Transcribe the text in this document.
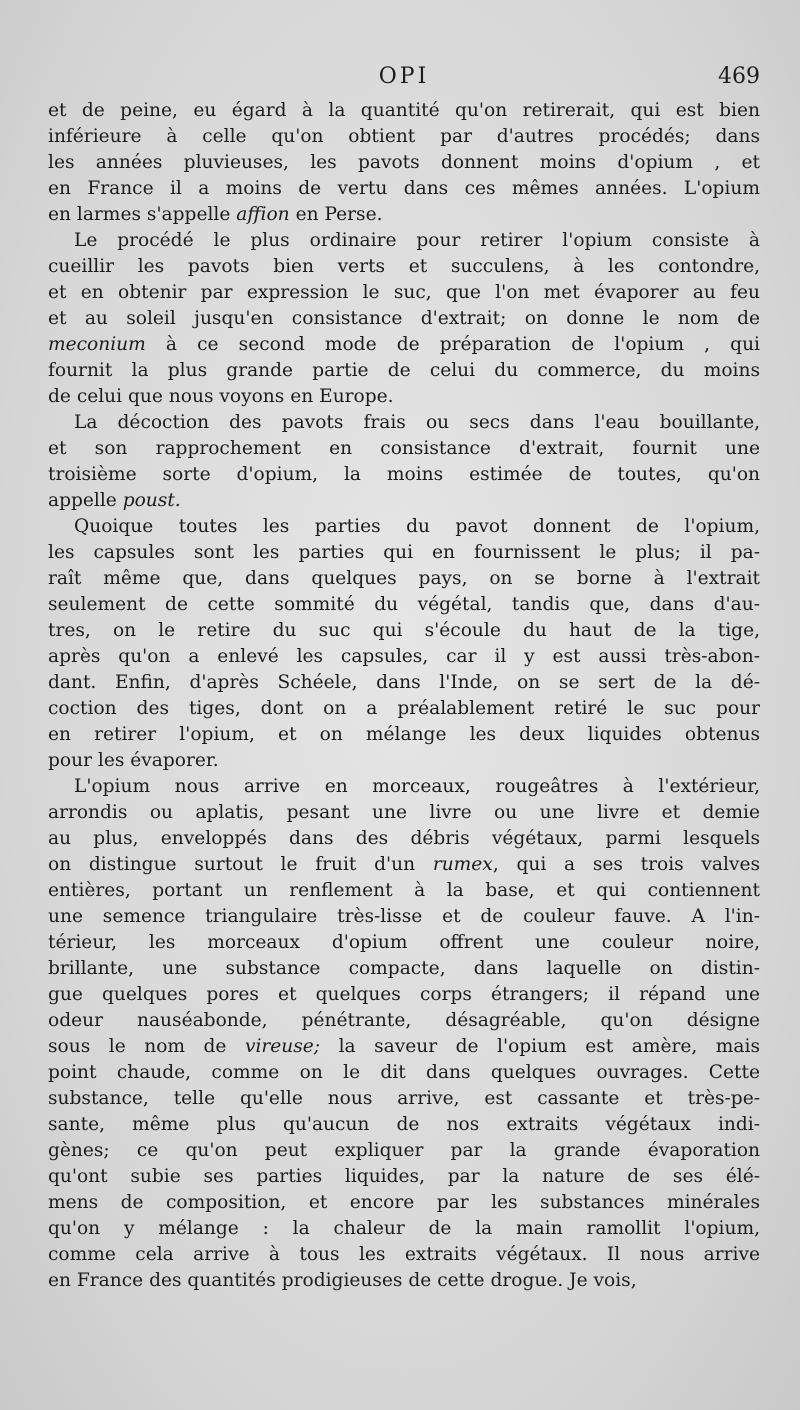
OPI	469
et de peine, eu égard à la quantité qu'on retirerait, qui est bien
inférieure à celle qu'on obtient par d'autres procédés; dans
les années pluvieuses, les pavots donnent moins d'opium , et
en France il a moins de vertu dans ces mêmes années. L'opium
en larmes s'appelle affion en Perse.
Le procédé le plus ordinaire pour retirer l'opium consiste à
cueillir les pavots bien verts et succulens, à les contondre,
et en obtenir par expression le suc, que l'on met évaporer au feu
et au soleil jusqu'en consistance d'extrait; on donne le nom de
meconium à ce second mode de préparation de l'opium , qui
fournit la plus grande partie de celui du commerce, du moins
de celui que nous voyons en Europe.
La décoction des pavots frais ou secs dans l'eau bouillante,
et son rapprochement en consistance d'extrait, fournit une
troisième sorte d'opium, la moins estimée de toutes, qu'on
appelle poust.
Quoique toutes les parties du pavot donnent de l'opium,
les capsules sont les parties qui en fournissent le plus; il pa-
raît même que, dans quelques pays, on se borne à l'extrait
seulement de cette sommité du végétal, tandis que, dans d'au-
tres, on le retire du suc qui s'écoule du haut de la tige,
après qu'on a enlevé les capsules, car il y est aussi très-abon-
dant. Enfin, d'après Schéele, dans l'Inde, on se sert de la dé-
coction des tiges, dont on a préalablement retiré le suc pour
en retirer l'opium, et on mélange les deux liquides obtenus
pour les évaporer.
L'opium nous arrive en morceaux, rougeâtres à l'extérieur,
arrondis ou aplatis, pesant une livre ou une livre et demie
au plus, enveloppés dans des débris végétaux, parmi lesquels
on distingue surtout le fruit d'un rumex, qui a ses trois valves
entières, portant un renflement à la base, et qui contiennent
une semence triangulaire très-lisse et de couleur fauve. A l'in-
térieur, les morceaux d'opium offrent une couleur noire,
brillante, une substance compacte, dans laquelle on distin-
gue quelques pores et quelques corps étrangers; il répand une
odeur nauséabonde, pénétrante, désagréable, qu'on désigne
sous le nom de vireuse; la saveur de l'opium est amère, mais
point chaude, comme on le dit dans quelques ouvrages. Cette
substance, telle qu'elle nous arrive, est cassante et très-pe-
sante, même plus qu'aucun de nos extraits végétaux indi-
gènes; ce qu'on peut expliquer par la grande évaporation
qu'ont subie ses parties liquides, par la nature de ses élé-
mens de composition, et encore par les substances minérales
qu'on y mélange : la chaleur de la main ramollit l'opium,
comme cela arrive à tous les extraits végétaux. Il nous arrive
en France des quantités prodigieuses de cette drogue. Je vois,
